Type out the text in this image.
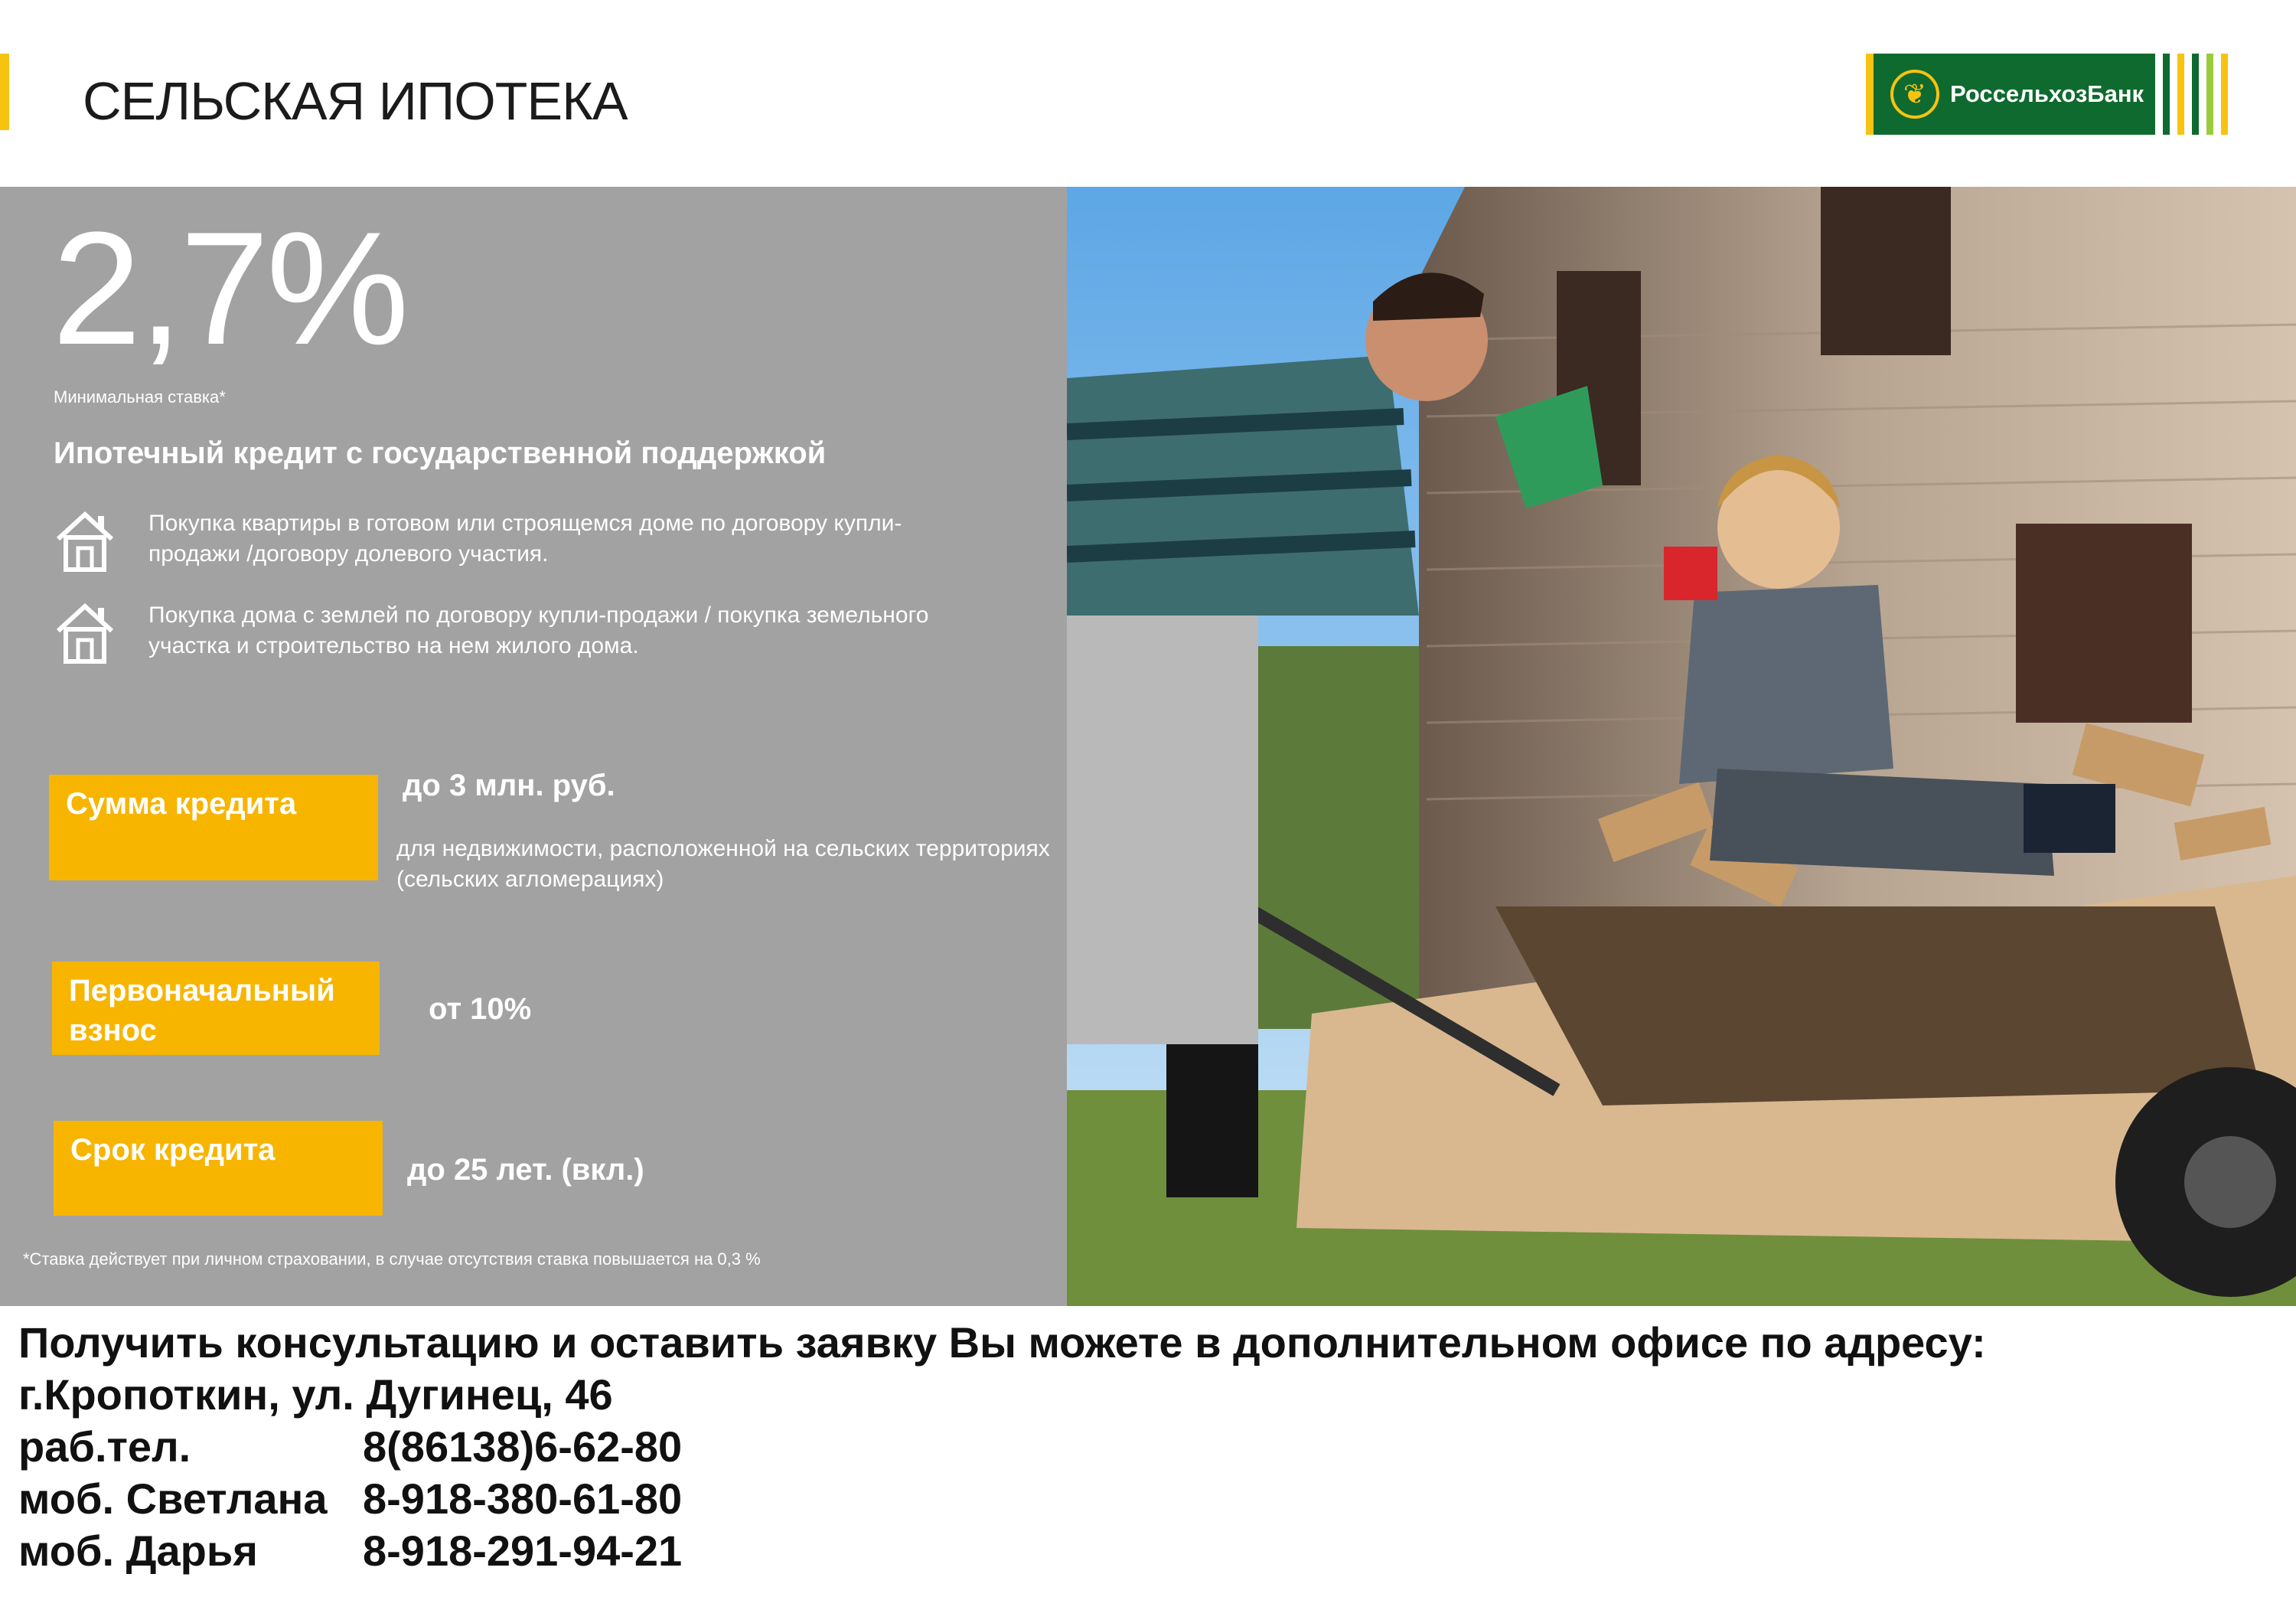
СЕЛЬСКАЯ ИПОТЕКА	❦ РоссельхозБанк
2,7%
Минимальная ставка*
Ипотечный кредит с государственной поддержкой
Покупка квартиры в готовом или строящемся доме по договору купли-продажи /договору долевого участия.
Покупка дома с землей по договору купли-продажи / покупка земельного участка и строительство на нем жилого дома.
Сумма кредита
до 3 млн. руб.
для недвижимости, расположенной на сельских территориях (сельских агломерациях)
Первоначальный взнос
от 10%
Срок кредита
до 25 лет. (вкл.)
*Ставка действует при личном страховании, в случае отсутствия ставка повышается на 0,3 %
Получить консультацию и оставить заявку Вы можете в дополнительном офисе по адресу:
г.Кропоткин, ул. Дугинец, 46
раб.тел.	8(86138)6-62-80
моб. Светлана 8-918-380-61-80
моб. Дарья	8-918-291-94-21
